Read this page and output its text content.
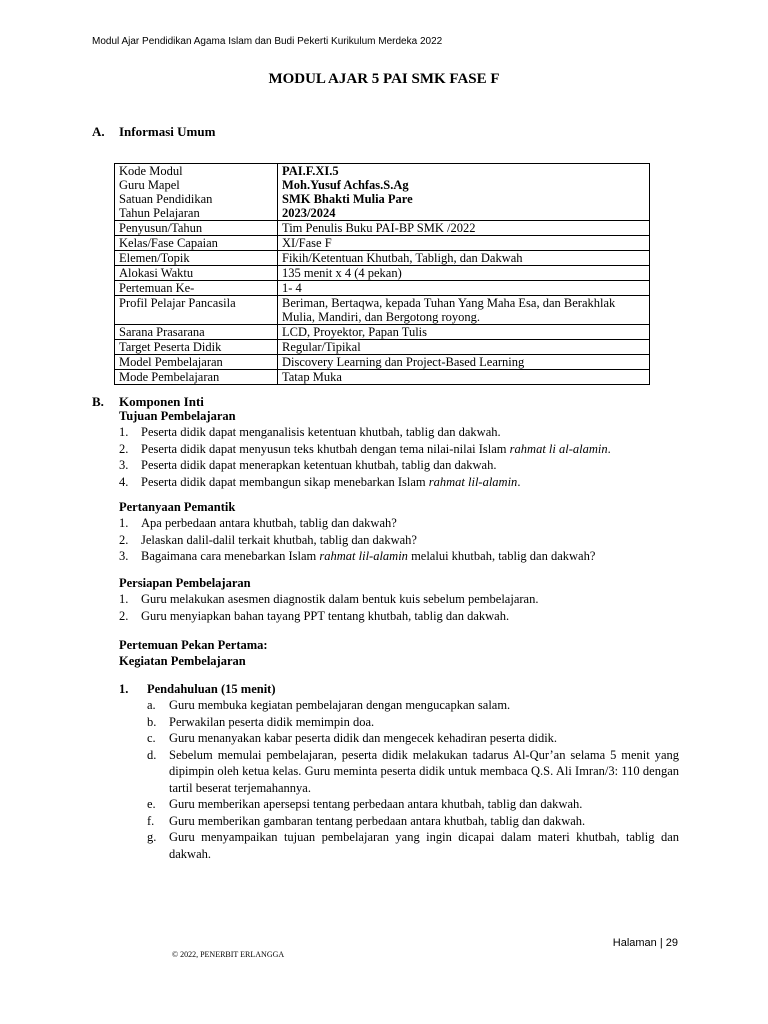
Modul Ajar Pendidikan Agama Islam dan Budi Pekerti Kurikulum Merdeka 2022
MODUL AJAR 5 PAI SMK FASE F
A. Informasi Umum
Kode Modul	PAI.F.XI.5
Guru Mapel	Moh.Yusuf Achfas.S.Ag
Satuan Pendidikan	SMK Bhakti Mulia Pare
Tahun Pelajaran	2023/2024
Penyusun/Tahun	Tim Penulis Buku PAI-BP SMK /2022
Kelas/Fase Capaian	XI/Fase F
Elemen/Topik	Fikih/Ketentuan Khutbah, Tabligh, dan Dakwah
Alokasi Waktu	135 menit x 4 (4 pekan)
Pertemuan Ke-	1- 4
Profil Pelajar Pancasila	Beriman, Bertaqwa, kepada Tuhan Yang Maha Esa, dan Berakhlak Mulia, Mandiri, dan Bergotong royong.
Sarana Prasarana	LCD, Proyektor, Papan Tulis
Target Peserta Didik	Regular/Tipikal
Model Pembelajaran	Discovery Learning dan Project-Based Learning
Mode Pembelajaran	Tatap Muka
B. Komponen Inti
Tujuan Pembelajaran
1. Peserta didik dapat menganalisis ketentuan khutbah, tablig dan dakwah.
2. Peserta didik dapat menyusun teks khutbah dengan tema nilai-nilai Islam rahmat li al-alamin.
3. Peserta didik dapat menerapkan ketentuan khutbah, tablig dan dakwah.
4. Peserta didik dapat membangun sikap menebarkan Islam rahmat lil-alamin.
Pertanyaan Pemantik
1. Apa perbedaan antara khutbah, tablig dan dakwah?
2. Jelaskan dalil-dalil terkait khutbah, tablig dan dakwah?
3. Bagaimana cara menebarkan Islam rahmat lil-alamin melalui khutbah, tablig dan dakwah?
Persiapan Pembelajaran
1. Guru melakukan asesmen diagnostik dalam bentuk kuis sebelum pembelajaran.
2. Guru menyiapkan bahan tayang PPT tentang khutbah, tablig dan dakwah.
Pertemuan Pekan Pertama:
Kegiatan Pembelajaran
1. Pendahuluan (15 menit)
a. Guru membuka kegiatan pembelajaran dengan mengucapkan salam.
b. Perwakilan peserta didik memimpin doa.
c. Guru menanyakan kabar peserta didik dan mengecek kehadiran peserta didik.
d. Sebelum memulai pembelajaran, peserta didik melakukan tadarus Al-Qur’an selama 5 menit yang dipimpin oleh ketua kelas. Guru meminta peserta didik untuk membaca Q.S. Ali Imran/3: 110 dengan tartil beserat terjemahannya.
e. Guru memberikan apersepsi tentang perbedaan antara khutbah, tablig dan dakwah.
f. Guru memberikan gambaran tentang perbedaan antara khutbah, tablig dan dakwah.
g. Guru menyampaikan tujuan pembelajaran yang ingin dicapai dalam materi khutbah, tablig dan dakwah.
Halaman | 29
© 2022, PENERBIT ERLANGGA
